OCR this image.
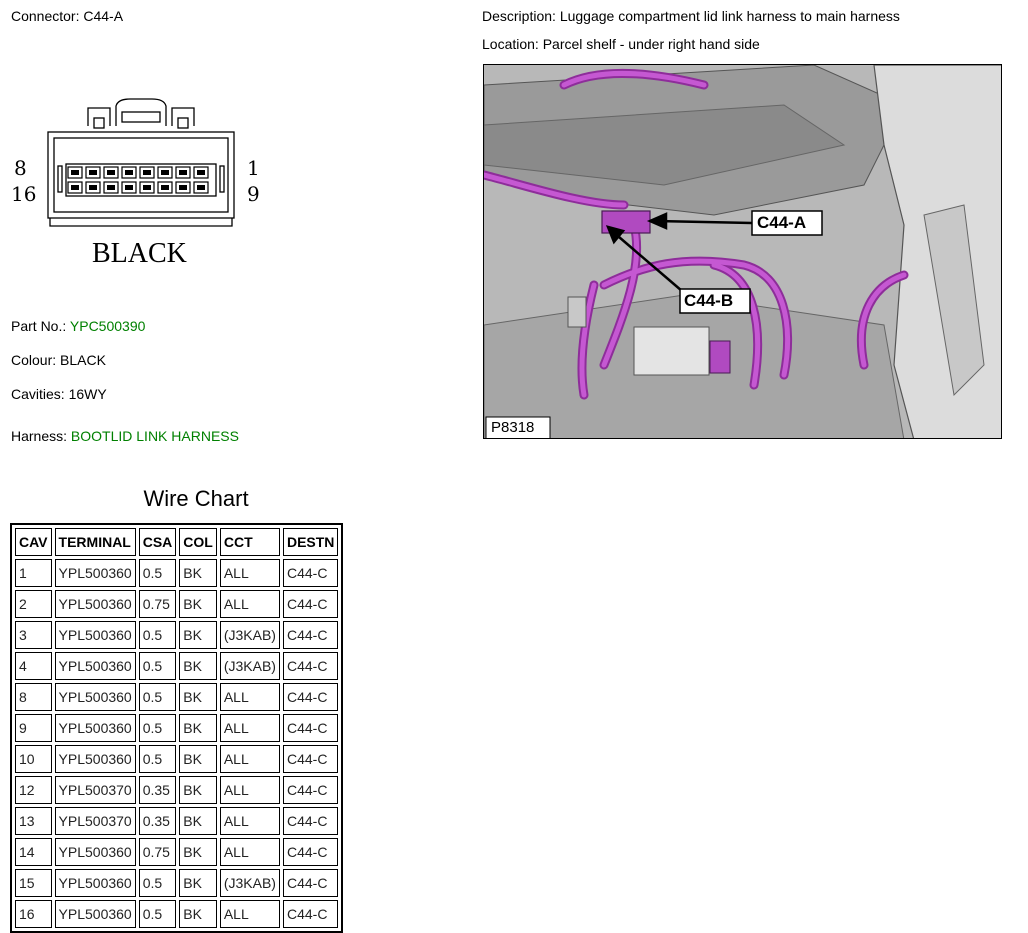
Connector: C44-A	Description: Luggage compartment lid link harness to main harness
Location: Parcel shelf - under right hand side
8
16
1
9
BLACK
Part No.: YPC500390
Colour: BLACK
Cavities: 16WY
Harness: BOOTLID LINK HARNESS
C44-A
C44-B
P8318
Wire Chart
CAV	TERMINAL	CSA	COL	CCT	DESTN
1	YPL500360	0.5	BK	ALL	C44-C
2	YPL500360	0.75	BK	ALL	C44-C
3	YPL500360	0.5	BK	(J3KAB)	C44-C
4	YPL500360	0.5	BK	(J3KAB)	C44-C
8	YPL500360	0.5	BK	ALL	C44-C
9	YPL500360	0.5	BK	ALL	C44-C
10	YPL500360	0.5	BK	ALL	C44-C
12	YPL500370	0.35	BK	ALL	C44-C
13	YPL500370	0.35	BK	ALL	C44-C
14	YPL500360	0.75	BK	ALL	C44-C
15	YPL500360	0.5	BK	(J3KAB)	C44-C
16	YPL500360	0.5	BK	ALL	C44-C
